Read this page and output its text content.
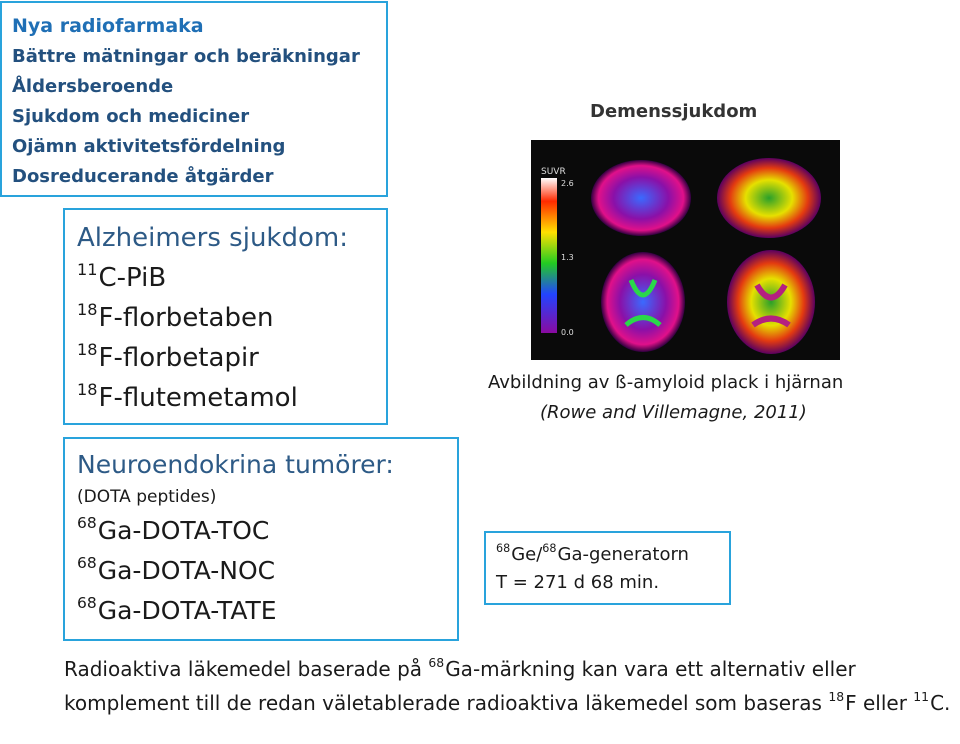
Nya radiofarmaka
Bättre mätningar och beräkningar
Åldersberoende
Sjukdom och mediciner
Ojämn aktivitetsfördelning
Dosreducerande åtgärder
Alzheimers sjukdom:
$^{11}$C-PiB
$^{18}$F-florbetaben
$^{18}$F-florbetapir
$^{18}$F-flutemetamol
Neuroendokrina tumörer:
(DOTA peptides)
$^{68}$Ga-DOTA-TOC
$^{68}$Ga-DOTA-NOC
$^{68}$Ga-DOTA-TATE
Demenssjukdom
SUVR
2.6
1.3
0.0
Avbildning av ß-amyloid plack i hjärnan
(Rowe and Villemagne, 2011)
$^{68}$Ge/$^{68}$Ga-generatorn
T = 271 d 68 min.
Radioaktiva läkemedel baserade på $^{68}$Ga-märkning kan vara ett alternativ eller komplement till de redan väletablerade radioaktiva läkemedel som baseras $^{18}$F eller $^{11}$C.
